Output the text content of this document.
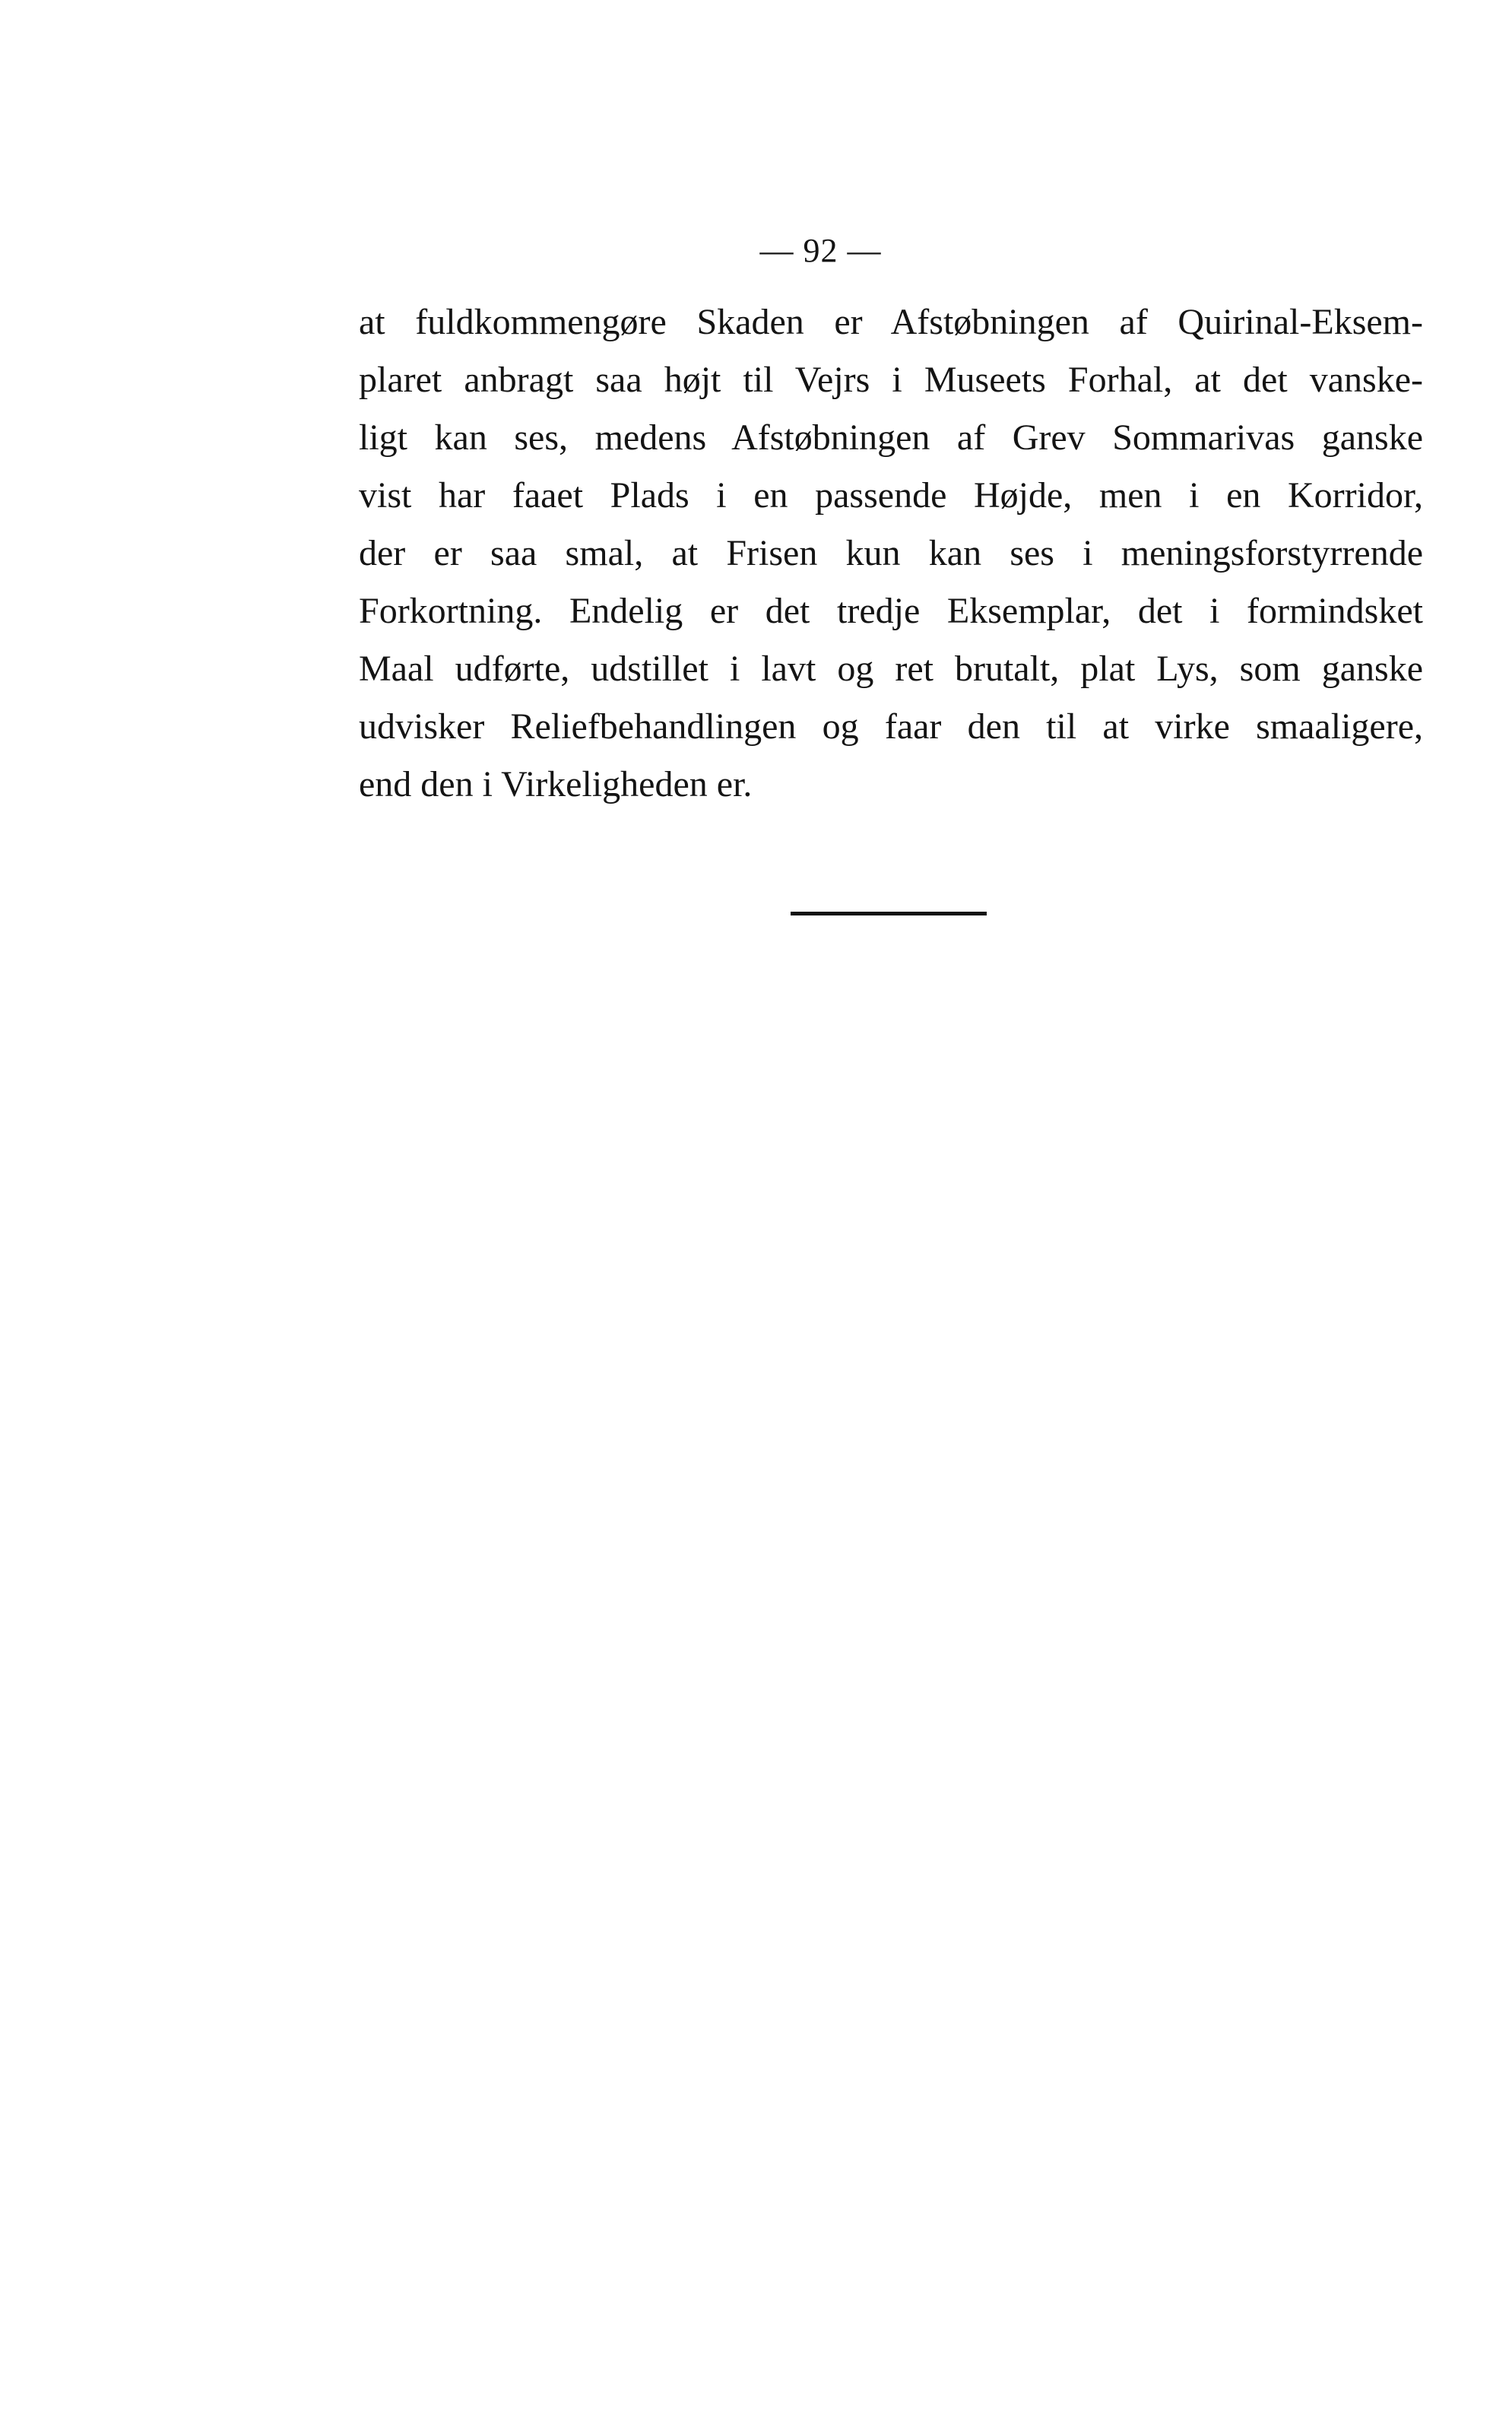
— 92 —
at fuldkommengøre Skaden er Afstøbningen af Quirinal-Eksem-
plaret anbragt saa højt til Vejrs i Museets Forhal, at det vanske-
ligt kan ses, medens Afstøbningen af Grev Sommarivas ganske
vist har faaet Plads i en passende Højde, men i en Korridor,
der er saa smal, at Frisen kun kan ses i meningsforstyrrende
Forkortning. Endelig er det tredje Eksemplar, det i formindsket
Maal udførte, udstillet i lavt og ret brutalt, plat Lys, som ganske
udvisker Reliefbehandlingen og faar den til at virke smaaligere,
end den i Virkeligheden er.
